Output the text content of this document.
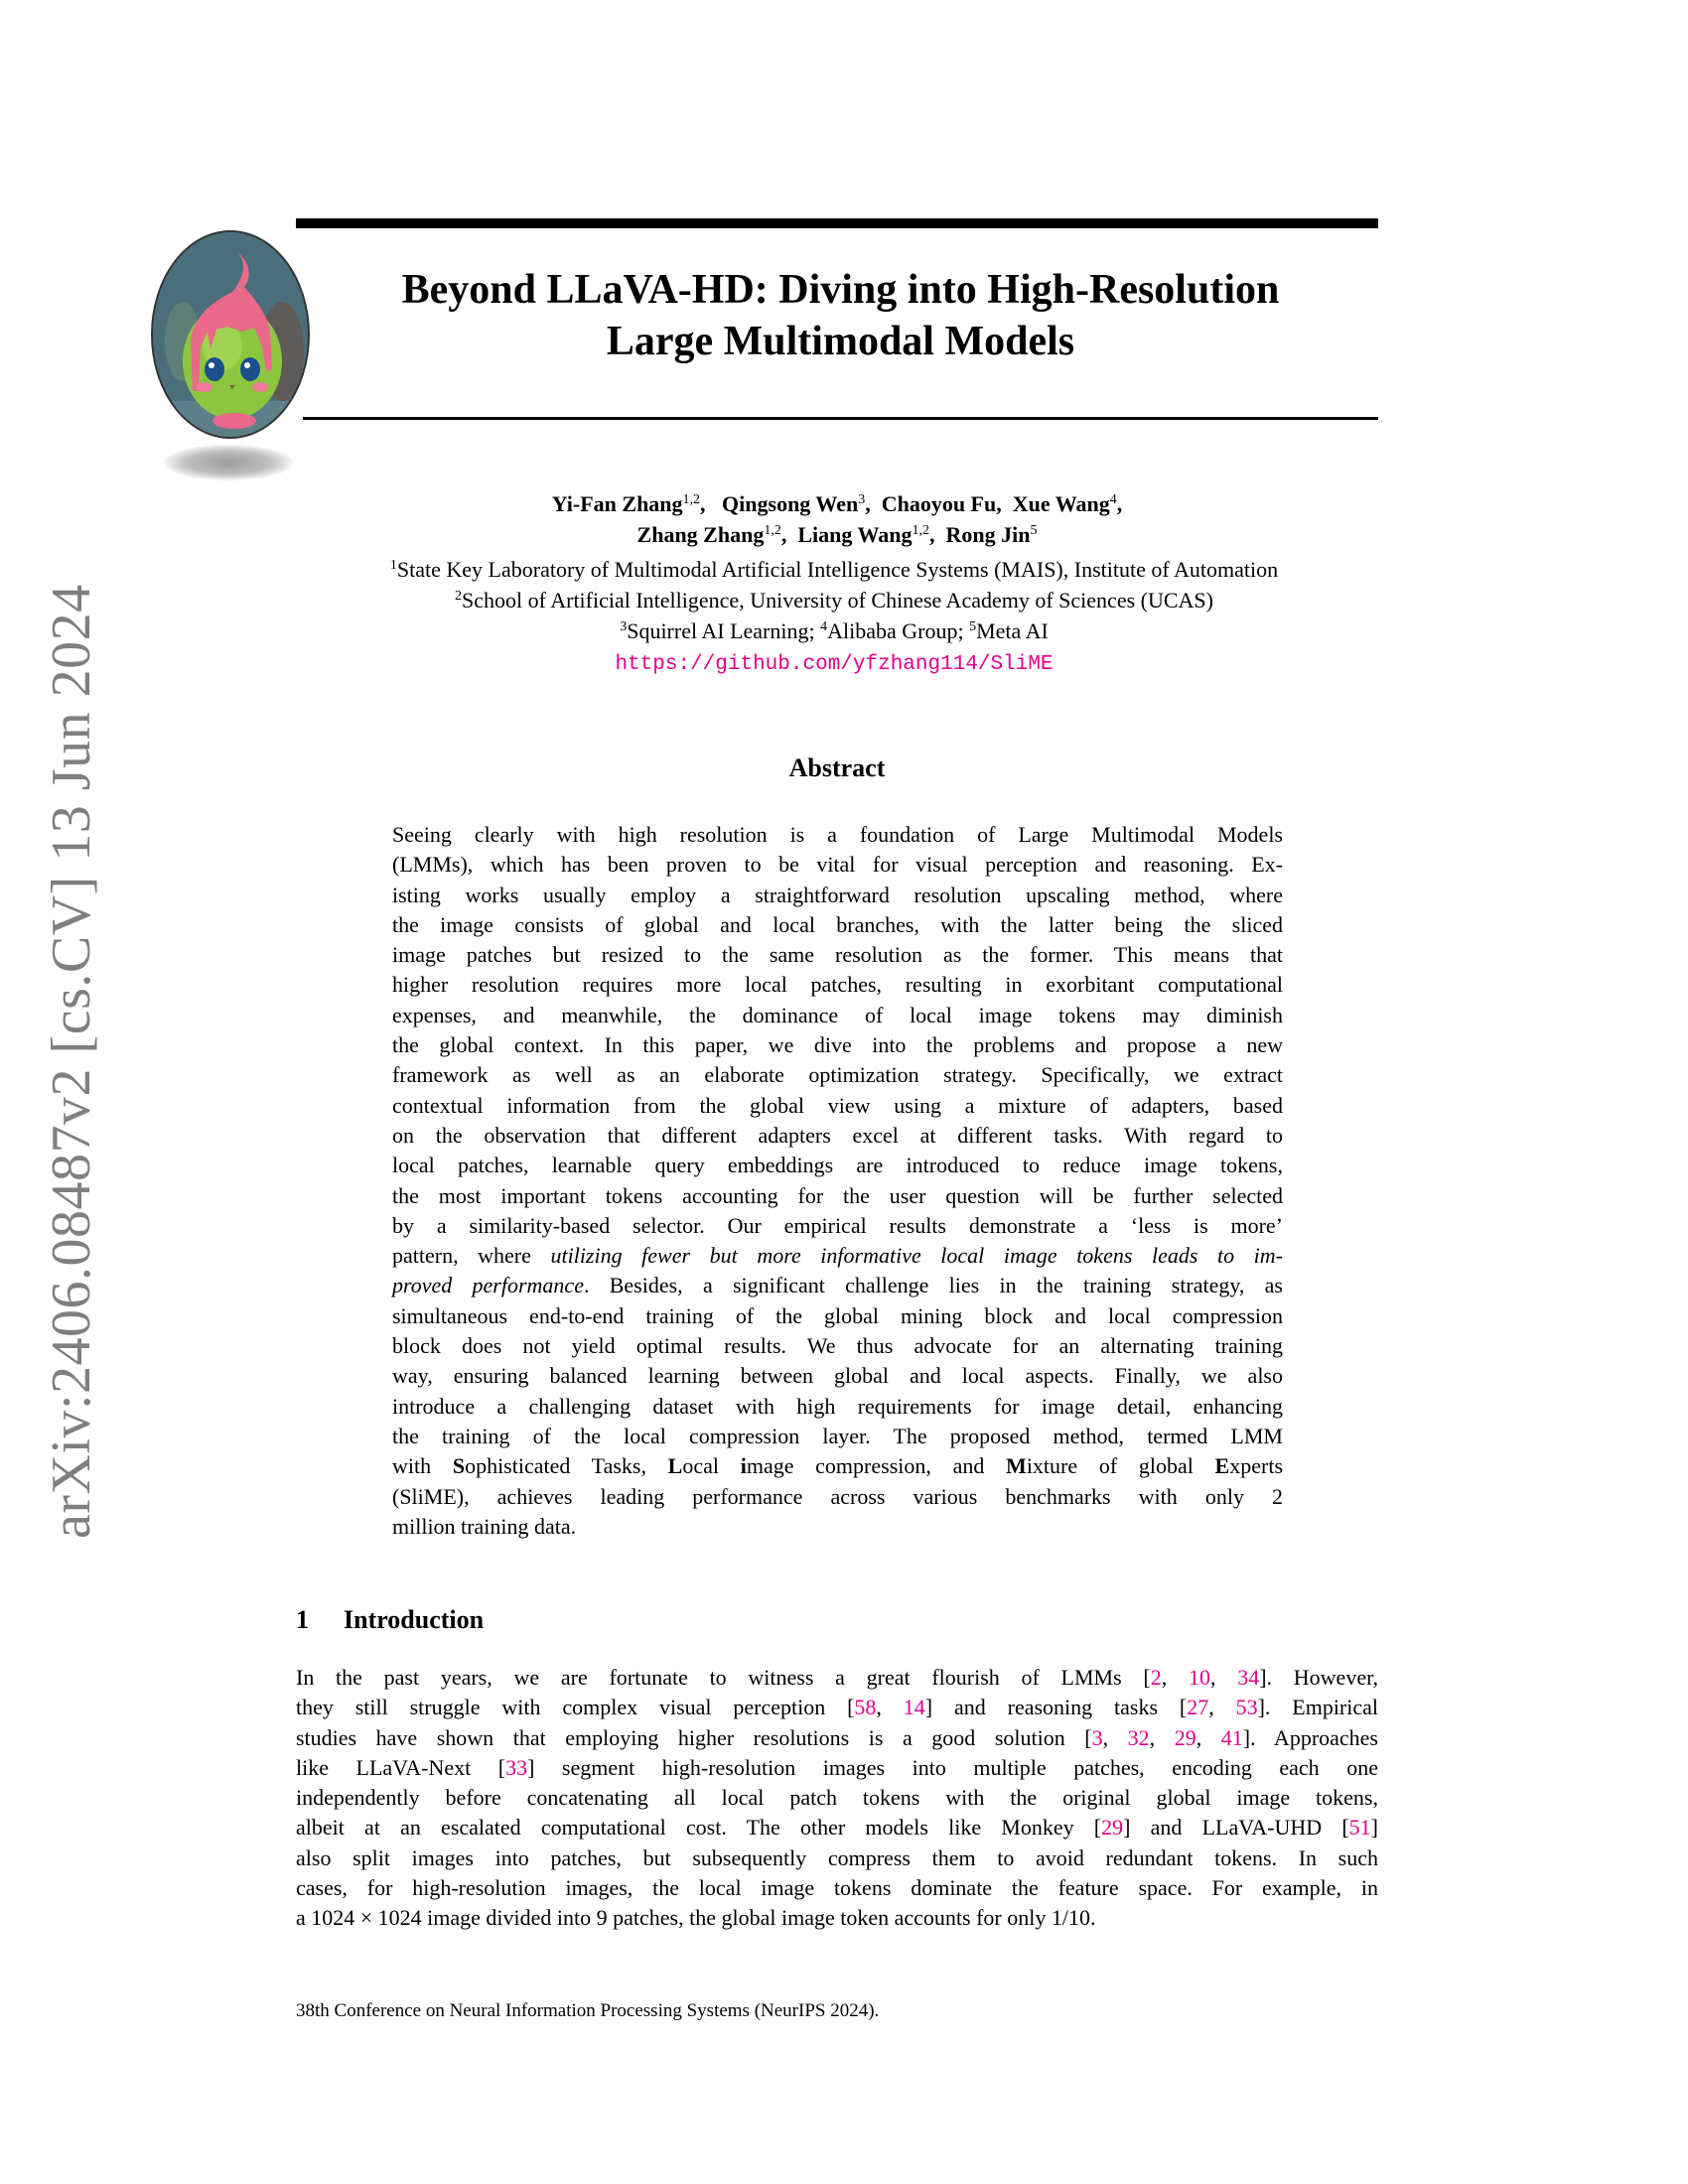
arXiv:2406.08487v2 [cs.CV] 13 Jun 2024
Beyond LLaVA-HD: Diving into High-Resolution
Large Multimodal Models
Yi-Fan Zhang$^{1,2}$,   Qingsong Wen$^3$,  Chaoyou Fu,  Xue Wang$^4$,
Zhang Zhang$^{1,2}$,  Liang Wang$^{1,2}$,  Rong Jin$^5$
$^1$State Key Laboratory of Multimodal Artificial Intelligence Systems (MAIS), Institute of Automation
$^2$School of Artificial Intelligence, University of Chinese Academy of Sciences (UCAS)
$^3$Squirrel AI Learning; $^4$Alibaba Group; $^5$Meta AI
https://github.com/yfzhang114/SliME
Abstract
Seeing clearly with high resolution is a foundation of Large Multimodal Models
(LMMs), which has been proven to be vital for visual perception and reasoning. Ex-
isting works usually employ a straightforward resolution upscaling method, where
the image consists of global and local branches, with the latter being the sliced
image patches but resized to the same resolution as the former. This means that
higher resolution requires more local patches, resulting in exorbitant computational
expenses, and meanwhile, the dominance of local image tokens may diminish
the global context. In this paper, we dive into the problems and propose a new
framework as well as an elaborate optimization strategy. Specifically, we extract
contextual information from the global view using a mixture of adapters, based
on the observation that different adapters excel at different tasks. With regard to
local patches, learnable query embeddings are introduced to reduce image tokens,
the most important tokens accounting for the user question will be further selected
by a similarity-based selector. Our empirical results demonstrate a ‘less is more’
pattern, where utilizing fewer but more informative local image tokens leads to im-
proved performance. Besides, a significant challenge lies in the training strategy, as
simultaneous end-to-end training of the global mining block and local compression
block does not yield optimal results. We thus advocate for an alternating training
way, ensuring balanced learning between global and local aspects. Finally, we also
introduce a challenging dataset with high requirements for image detail, enhancing
the training of the local compression layer. The proposed method, termed LMM
with Sophisticated Tasks, Local image compression, and Mixture of global Experts
(SliME), achieves leading performance across various benchmarks with only 2
million training data.
1 Introduction
In the past years, we are fortunate to witness a great flourish of LMMs [2, 10, 34]. However,
they still struggle with complex visual perception [58, 14] and reasoning tasks [27, 53]. Empirical
studies have shown that employing higher resolutions is a good solution [3, 32, 29, 41]. Approaches
like LLaVA-Next [33] segment high-resolution images into multiple patches, encoding each one
independently before concatenating all local patch tokens with the original global image tokens,
albeit at an escalated computational cost. The other models like Monkey [29] and LLaVA-UHD [51]
also split images into patches, but subsequently compress them to avoid redundant tokens. In such
cases, for high-resolution images, the local image tokens dominate the feature space. For example, in
a 1024 × 1024 image divided into 9 patches, the global image token accounts for only 1/10.
38th Conference on Neural Information Processing Systems (NeurIPS 2024).
